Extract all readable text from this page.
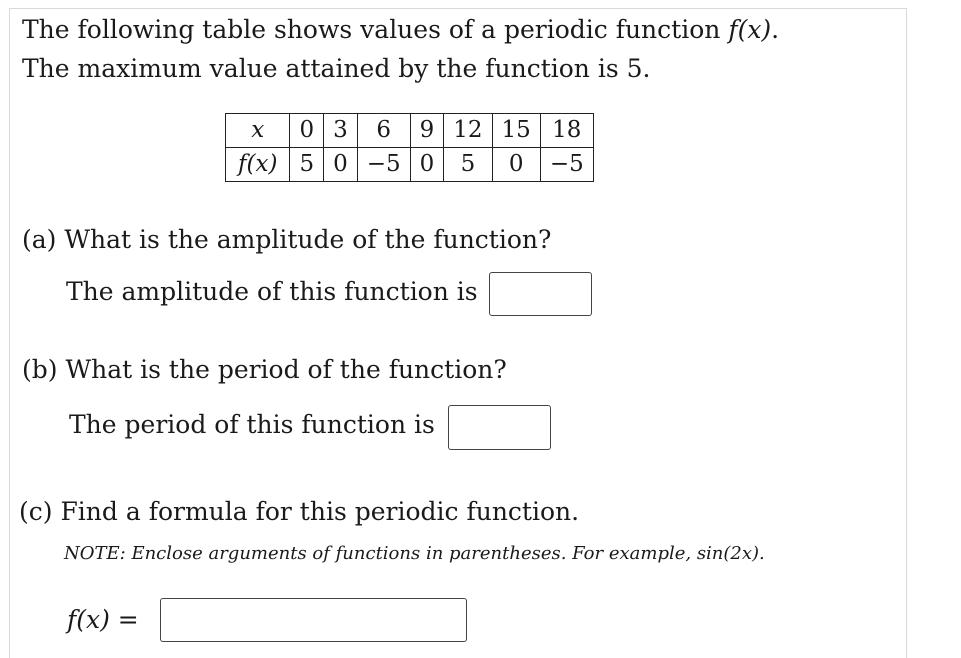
The following table shows values of a periodic function f(x).
The maximum value attained by the function is 5.
x	0	3	6	9	12	15	18
f(x)	5	0	−5	0	5	0	−5
(a) What is the amplitude of the function?
The amplitude of this function is
(b) What is the period of the function?
The period of this function is
(c) Find a formula for this periodic function.
NOTE: Enclose arguments of functions in parentheses. For example, sin(2x).
f(x) =
